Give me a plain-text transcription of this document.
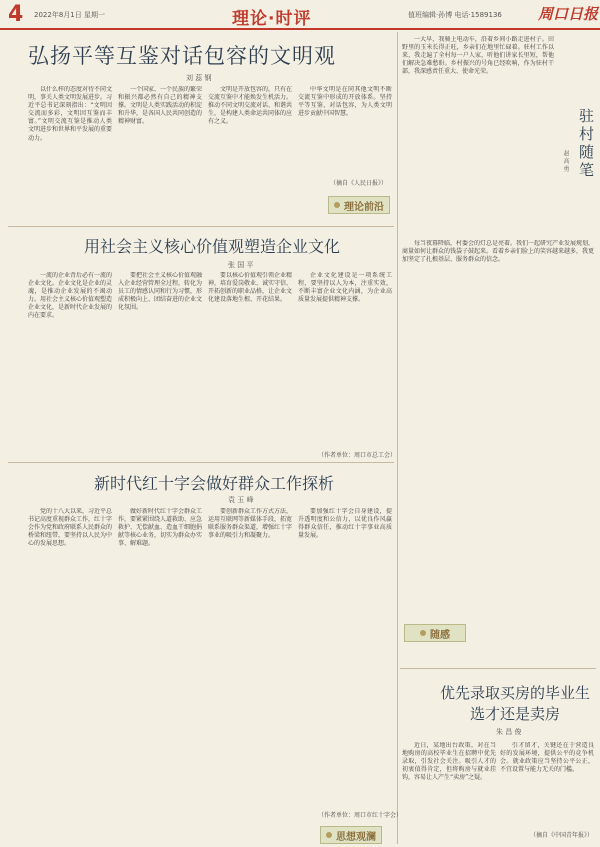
4 2022年8月1日 星期一	理论·时评	值班编辑·孙博 电话·1589136 周口日报
弘扬平等互鉴对话包容的文明观
刘 蕊 钢

以什么样的态度对待不同文明，事关人类文明发展进步。习近平总书记深刻指出：“文明因交流而多彩，文明因互鉴而丰富。”文明交流互鉴是推动人类文明进步和世界和平发展的重要动力。

一个国家、一个民族的繁荣和振兴都必然有自己的精神支撑。文明是人类实践活动的积淀和升华，是各国人民共同创造的精神财富。

文明是开放包容的，只有在交流互鉴中才能焕发生机活力。推动不同文明交流对话、和谐共生，是构建人类命运共同体的应有之义。

中华文明是在同其他文明不断交流互鉴中形成的开放体系。坚持平等互鉴、对话包容，为人类文明进步贡献中国智慧。

（摘自《人民日报》）
理论前沿
用社会主义核心价值观塑造企业文化
张 国 平

一流的企业背后必有一流的企业文化。企业文化是企业的灵魂，是推动企业发展的不竭动力。用社会主义核心价值观塑造企业文化，是新时代企业发展的内在要求。

要把社会主义核心价值观融入企业经营管理全过程，转化为员工的情感认同和行为习惯，形成积极向上、团结奋进的企业文化氛围。

要以核心价值观引领企业精神，培育爱岗敬业、诚实守信、开拓创新的职业品格，让企业文化建设落地生根、开花结果。

企业文化建设是一项系统工程，要坚持以人为本，注重实效，不断丰富企业文化内涵，为企业高质量发展提供精神支撑。

（作者单位：周口市总工会）
新时代红十字会做好群众工作探析
袁 玉 峰

党的十八大以来，习近平总书记高度重视群众工作，红十字会作为党和政府联系人民群众的桥梁和纽带，要坚持以人民为中心的发展思想。

做好新时代红十字会群众工作，要紧紧围绕人道救助、应急救护、无偿献血、造血干细胞捐献等核心业务，切实为群众办实事、解难题。

要创新群众工作方式方法，运用互联网等新媒体手段，拓宽联系服务群众渠道，增强红十字事业的吸引力和凝聚力。

要加强红十字会自身建设，提升透明度和公信力，以优良作风赢得群众信任，推动红十字事业高质量发展。

（作者单位：周口市红十字会）
思想观澜
驻村随笔
赵 高 勇

一大早，我骑上电动车，沿着乡间小路走进村子。田野里的玉米长得正旺，乡亲们在地里忙碌着。驻村工作以来，我走遍了全村每一户人家，听他们讲家长里短，帮他们解决急难愁盼。乡村振兴的号角已经吹响，作为驻村干部，我深感责任重大、使命光荣。

每当夜幕降临，村委会的灯总是亮着。我们一起研究产业发展规划，商量如何让群众的钱袋子鼓起来。看着乡亲们脸上的笑容越来越多，我更加坚定了扎根基层、服务群众的信念。

随感
优先录取买房的毕业生选才还是卖房
朱 昌 俊

近日，某地出台政策，对在当地购房的高校毕业生在招聘中优先录取，引发社会关注。吸引人才的初衷值得肯定，但将购房与就业挂钩，容易让人产生“卖房”之疑。

引才留才，关键还在于营造良好的发展环境，提供公平的竞争机会。就业政策应当坚持公平公正，不宜设置与能力无关的门槛。

（摘自《中国青年报》）
